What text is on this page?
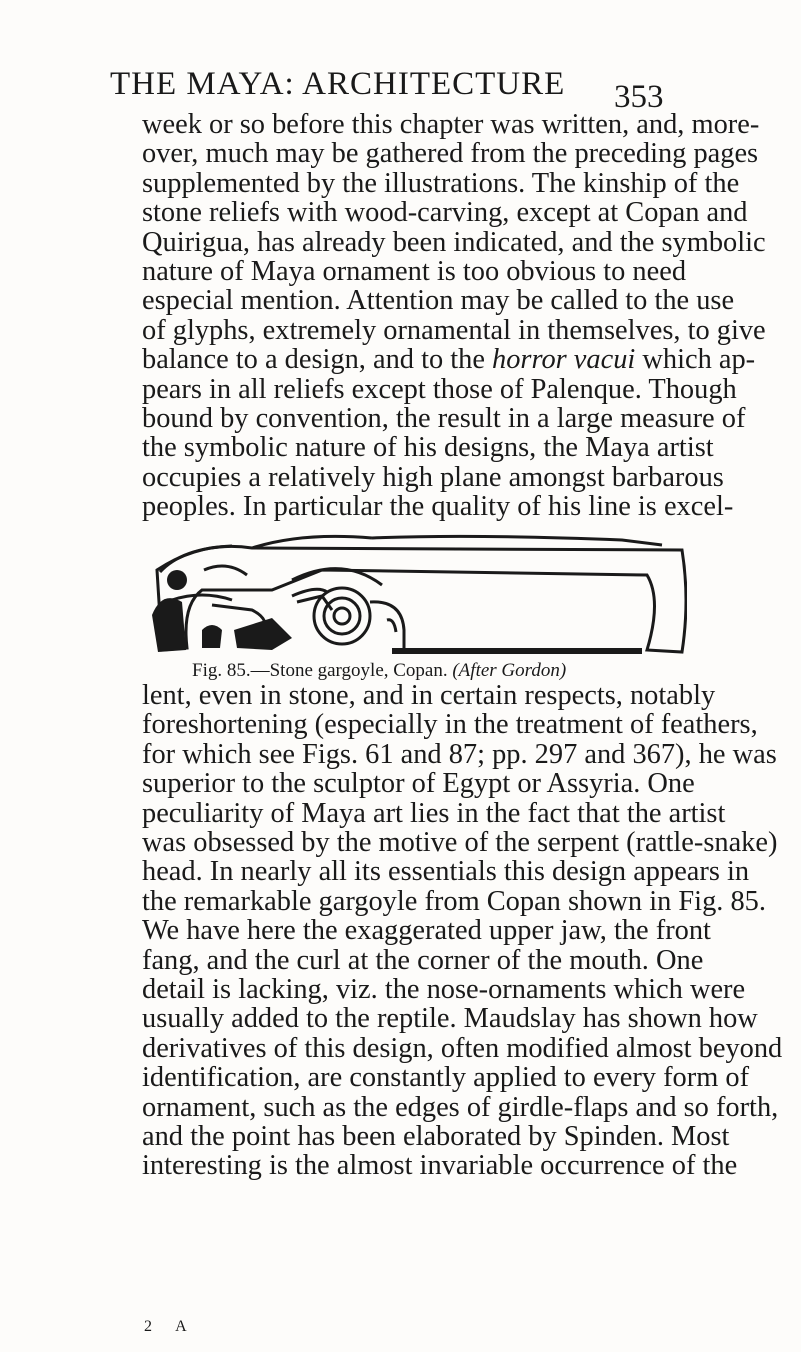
THE MAYA: ARCHITECTURE 353
week or so before this chapter was written, and, more-
over, much may be gathered from the preceding pages
supplemented by the illustrations. The kinship of the
stone reliefs with wood-carving, except at Copan and
Quirigua, has already been indicated, and the symbolic
nature of Maya ornament is too obvious to need
especial mention. Attention may be called to the use
of glyphs, extremely ornamental in themselves, to give
balance to a design, and to the horror vacui which ap-
pears in all reliefs except those of Palenque. Though
bound by convention, the result in a large measure of
the symbolic nature of his designs, the Maya artist
occupies a relatively high plane amongst barbarous
peoples. In particular the quality of his line is excel-
Fig. 85.—Stone gargoyle, Copan. (After Gordon)
lent, even in stone, and in certain respects, notably
foreshortening (especially in the treatment of feathers,
for which see Figs. 61 and 87; pp. 297 and 367), he was
superior to the sculptor of Egypt or Assyria. One
peculiarity of Maya art lies in the fact that the artist
was obsessed by the motive of the serpent (rattle-snake)
head. In nearly all its essentials this design appears in
the remarkable gargoyle from Copan shown in Fig. 85.
We have here the exaggerated upper jaw, the front
fang, and the curl at the corner of the mouth. One
detail is lacking, viz. the nose-ornaments which were
usually added to the reptile. Maudslay has shown how
derivatives of this design, often modified almost beyond
identification, are constantly applied to every form of
ornament, such as the edges of girdle-flaps and so forth,
and the point has been elaborated by Spinden. Most
interesting is the almost invariable occurrence of the
2 A
